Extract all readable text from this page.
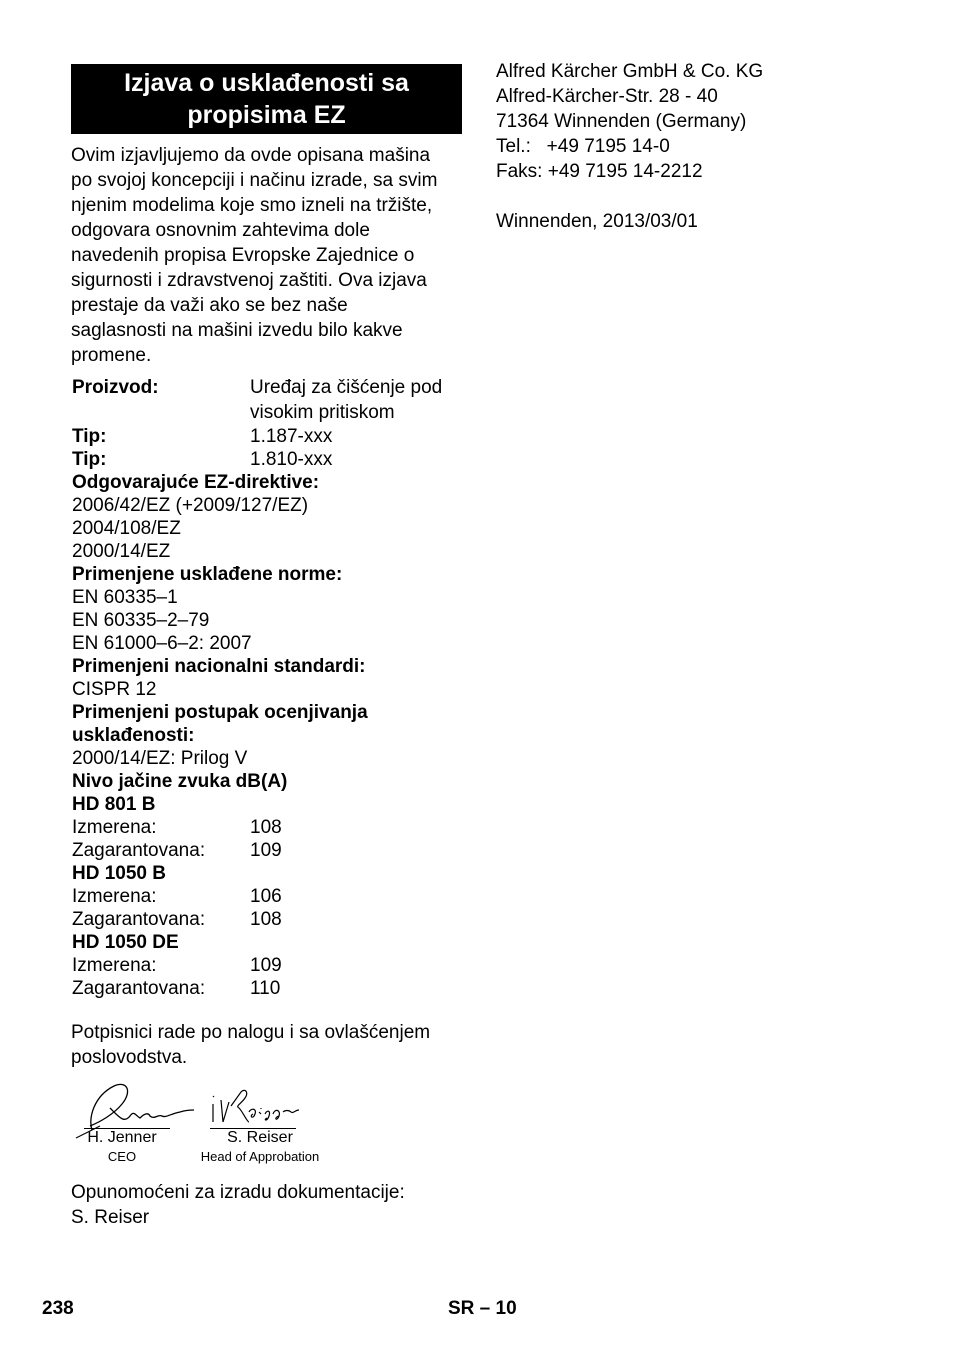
Izjava o usklađenosti sa
propisima EZ
Ovim izjavljujemo da ovde opisana mašina
po svojoj koncepciji i načinu izrade, sa svim
njenim modelima koje smo izneli na tržište,
odgovara osnovnim zahtevima dole
navedenih propisa Evropske Zajednice o
sigurnosti i zdravstvenoj zaštiti. Ova izjava
prestaje da važi ako se bez naše
saglasnosti na mašini izvedu bilo kakve
promene.
Proizvod:	Uređaj za čišćenje pod
visokim pritiskom
Tip:	1.187-xxx
Tip:	1.810-xxx
Odgovarajuće EZ-direktive:
2006/42/EZ (+2009/127/EZ)
2004/108/EZ
2000/14/EZ
Primenjene usklađene norme:
EN 60335–1
EN 60335–2–79
EN 61000–6–2: 2007
Primenjeni nacionalni standardi:
CISPR 12
Primenjeni postupak ocenjivanja
usklađenosti:
2000/14/EZ: Prilog V
Nivo jačine zvuka dB(A)
HD 801 B
Izmerena:	108
Zagarantovana:	109
HD 1050 B
Izmerena:	106
Zagarantovana:	108
HD 1050 DE
Izmerena:	109
Zagarantovana:	110
Potpisnici rade po nalogu i sa ovlašćenjem
poslovodstva.
H. Jenner
CEO
S. Reiser
Head of Approbation
Opunomoćeni za izradu dokumentacije:
S. Reiser
Alfred Kärcher GmbH & Co. KG
Alfred-Kärcher-Str. 28 - 40
71364 Winnenden (Germany)
Tel.:   +49 7195 14-0
Faks: +49 7195 14-2212
Winnenden, 2013/03/01
238	SR – 10
